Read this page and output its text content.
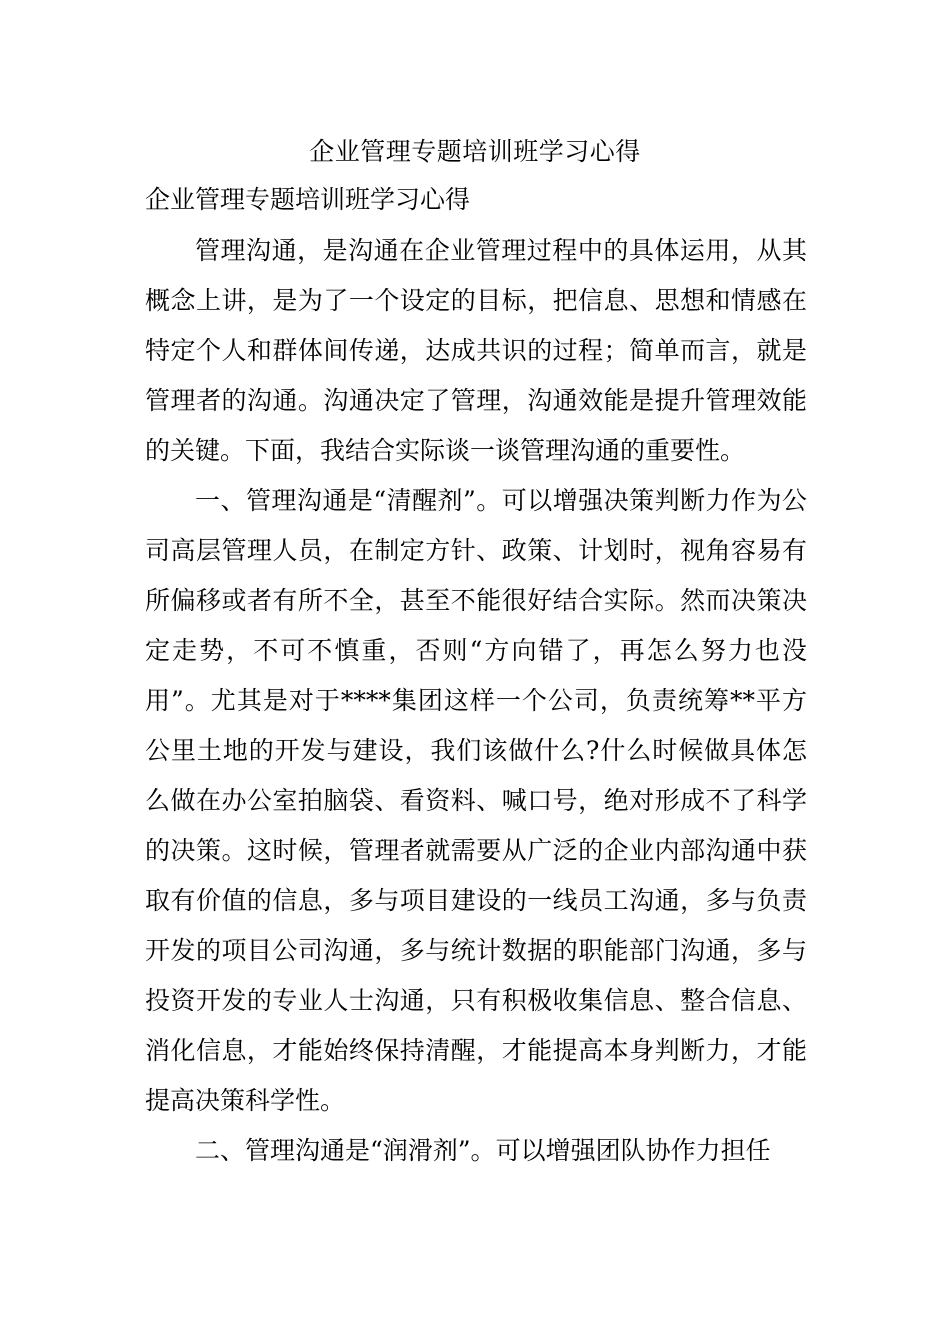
企业管理专题培训班学习心得
企业管理专题培训班学习心得

管理沟通，是沟通在企业管理过程中的具体运用，从其概念上讲，是为了一个设定的目标，把信息、思想和情感在特定个人和群体间传递，达成共识的过程；简单而言，就是管理者的沟通。沟通决定了管理，沟通效能是提升管理效能的关键。下面，我结合实际谈一谈管理沟通的重要性。

一、管理沟通是“清醒剂”。可以增强决策判断力作为公司高层管理人员，在制定方针、政策、计划时，视角容易有所偏移或者有所不全，甚至不能很好结合实际。然而决策决定走势，不可不慎重，否则“方向错了，再怎么努力也没用”。尤其是对于****集团这样一个公司，负责统筹**平方公里土地的开发与建设，我们该做什么?什么时候做具体怎么做在办公室拍脑袋、看资料、喊口号，绝对形成不了科学的决策。这时候，管理者就需要从广泛的企业内部沟通中获取有价值的信息，多与项目建设的一线员工沟通，多与负责开发的项目公司沟通，多与统计数据的职能部门沟通，多与投资开发的专业人士沟通，只有积极收集信息、整合信息、消化信息，才能始终保持清醒，才能提高本身判断力，才能提高决策科学性。

二、管理沟通是“润滑剂”。可以增强团队协作力担任
